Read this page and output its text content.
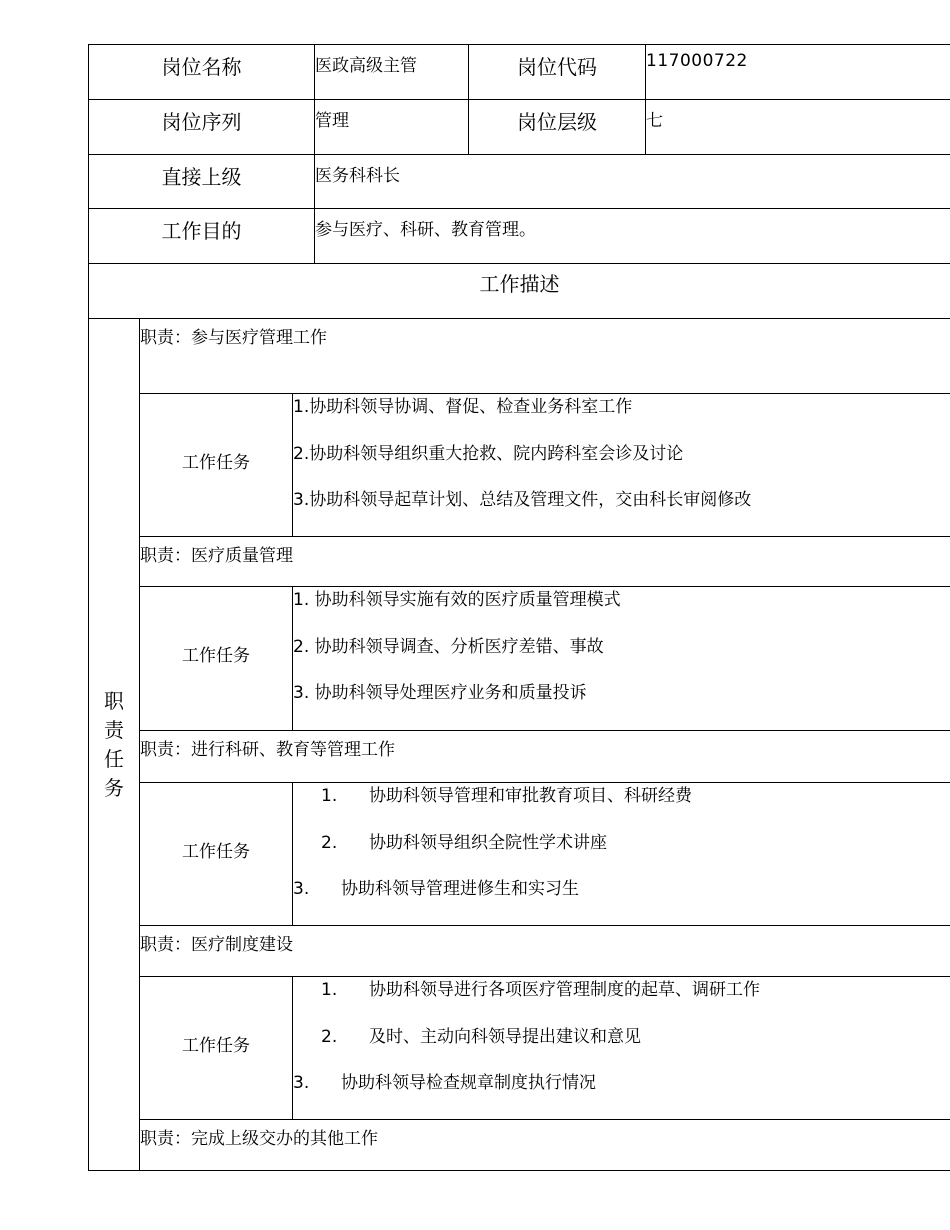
岗位名称			医政高级主管	岗位代码	117000722
岗位序列			管理	岗位层级	七
直接上级			医务科科长		
工作目的			参与医疗、科研、教育管理。		
工作描述					

职
责
任
务	职责：参与医疗管理工作				
	工作任务	1.协助科领导协调、督促、检查业务科室工作
2.协助科领导组织重大抢救、院内跨科室会诊及讨论
3.协助科领导起草计划、总结及管理文件，交由科长审阅修改			

	职责：医疗质量管理				
	工作任务	1. 协助科领导实施有效的医疗质量管理模式
2. 协助科领导调查、分析医疗差错、事故
3. 协助科领导处理医疗业务和质量投诉			

	职责：进行科研、教育等管理工作				
	工作任务	1. 协助科领导管理和审批教育项目、科研经费
2. 协助科领导组织全院性学术讲座
3. 协助科领导管理进修生和实习生			

	职责：医疗制度建设				
	工作任务	1. 协助科领导进行各项医疗管理制度的起草、调研工作
2. 及时、主动向科领导提出建议和意见
3. 协助科领导检查规章制度执行情况			

	职责：完成上级交办的其他工作				
